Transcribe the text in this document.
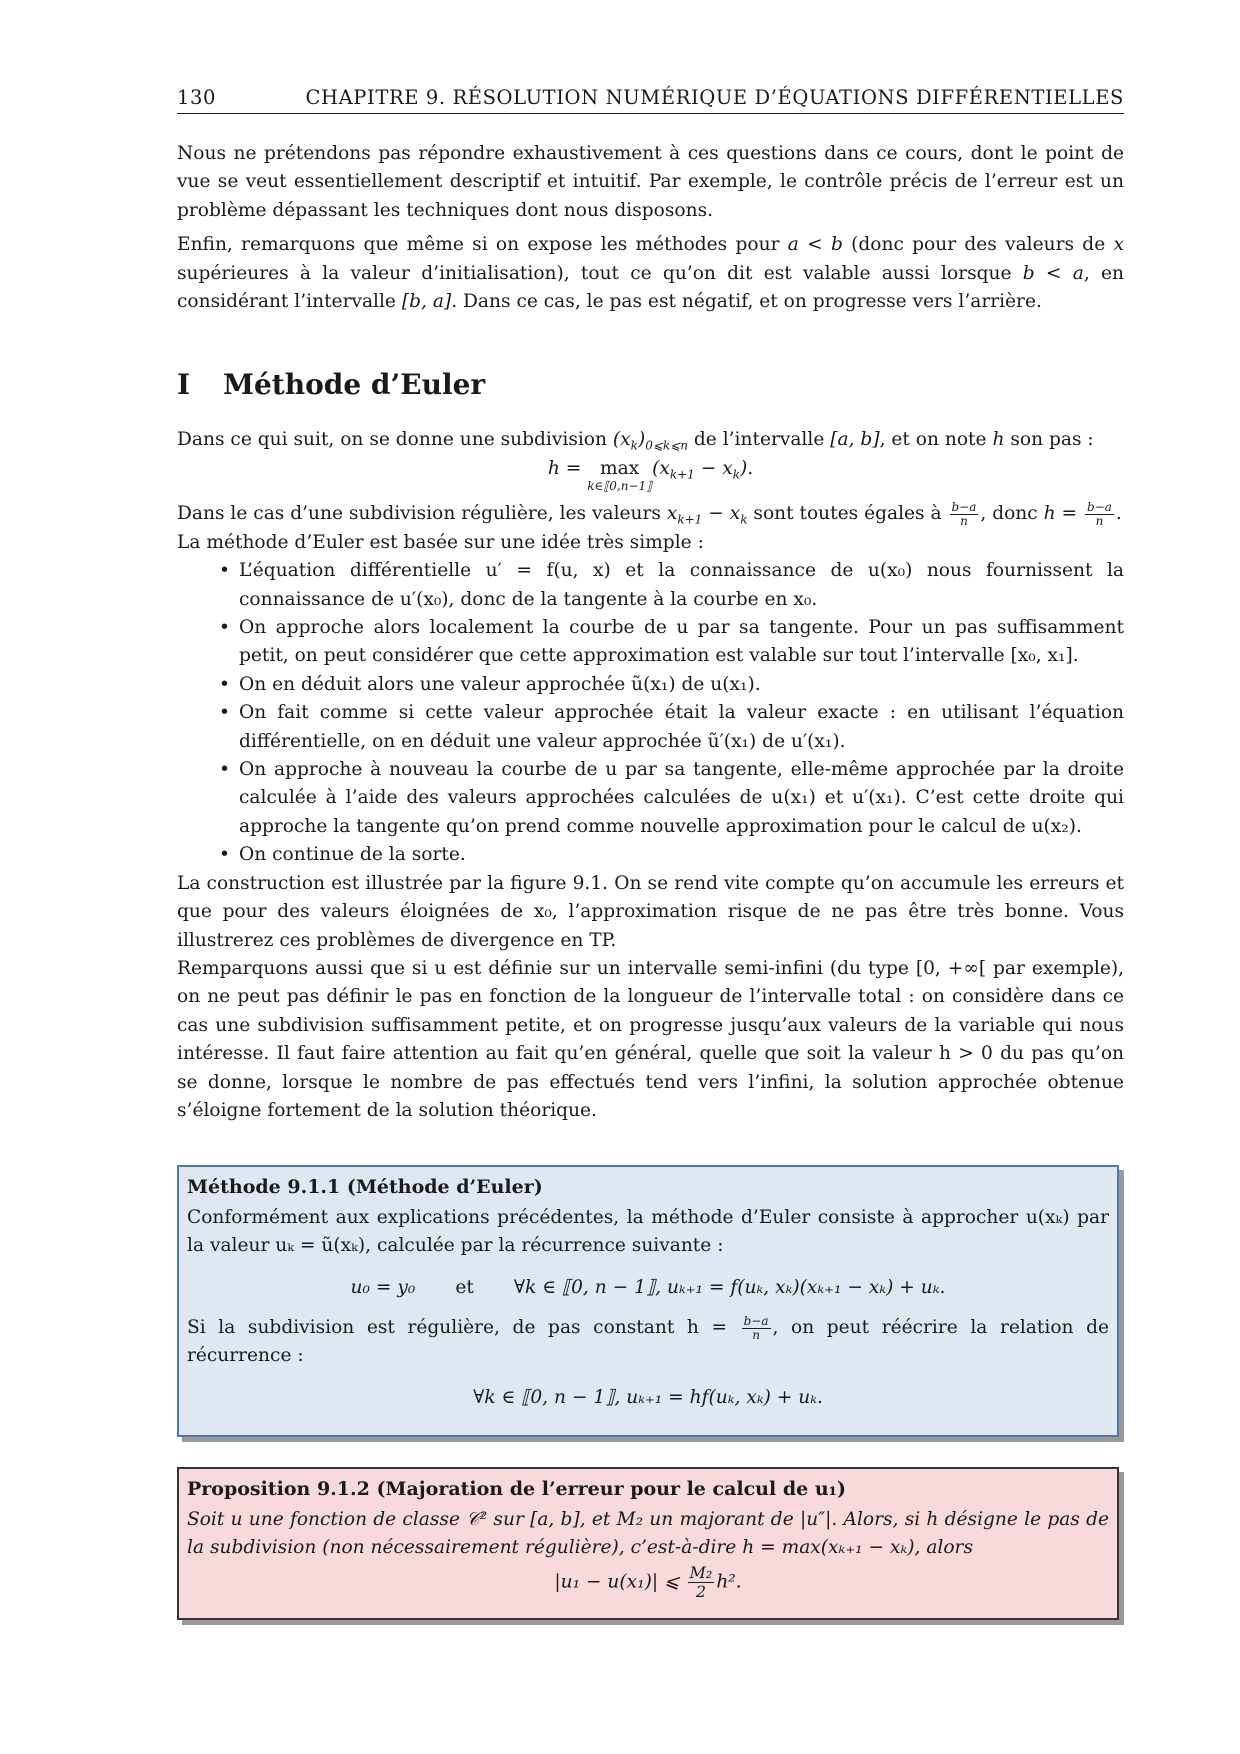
130	CHAPITRE 9. RÉSOLUTION NUMÉRIQUE D’ÉQUATIONS DIFFÉRENTIELLES

Nous ne prétendons pas répondre exhaustivement à ces questions dans ce cours, dont le point de vue se veut essentiellement descriptif et intuitif. Par exemple, le contrôle précis de l’erreur est un problème dépassant les techniques dont nous disposons.

Enfin, remarquons que même si on expose les méthodes pour a < b (donc pour des valeurs de x supérieures à la valeur d’initialisation), tout ce qu’on dit est valable aussi lorsque b < a, en considérant l’intervalle [b, a]. Dans ce cas, le pas est négatif, et on progresse vers l’arrière.

I	Méthode d’Euler

Dans ce qui suit, on se donne une subdivision $(x_k)_{0⩽k⩽n}$ de l’intervalle [a, b], et on note h son pas :

h = max
k∈⟦0,n−1⟧
$(x_{k+1} - x_k)$.

Dans le cas d’une subdivision régulière, les valeurs $x_{k+1} - x_k$ sont toutes égales à $\frac{b-a}{n}$ , donc $h = \frac{b-a}{n}$ .

La méthode d’Euler est basée sur une idée très simple :

• L’équation différentielle u′ = f(u, x) et la connaissance de u(x₀) nous fournissent la connaissance de u′(x₀), donc de la tangente à la courbe en x₀.
• On approche alors localement la courbe de u par sa tangente. Pour un pas suffisamment petit, on peut considérer que cette approximation est valable sur tout l’intervalle [x₀, x₁].
• On en déduit alors une valeur approchée ũ(x₁) de u(x₁).
• On fait comme si cette valeur approchée était la valeur exacte : en utilisant l’équation différentielle, on en déduit une valeur approchée ũ′(x₁) de u′(x₁).
• On approche à nouveau la courbe de u par sa tangente, elle-même approchée par la droite calculée à l’aide des valeurs approchées calculées de u(x₁) et u′(x₁). C’est cette droite qui approche la tangente qu’on prend comme nouvelle approximation pour le calcul de u(x₂).
• On continue de la sorte.

La construction est illustrée par la figure 9.1. On se rend vite compte qu’on accumule les erreurs et que pour des valeurs éloignées de x₀, l’approximation risque de ne pas être très bonne. Vous illustrerez ces problèmes de divergence en TP.

Remparquons aussi que si u est définie sur un intervalle semi-infini (du type [0, +∞[ par exemple), on ne peut pas définir le pas en fonction de la longueur de l’intervalle total : on considère dans ce cas une subdivision suffisamment petite, et on progresse jusqu’aux valeurs de la variable qui nous intéresse. Il faut faire attention au fait qu’en général, quelle que soit la valeur h > 0 du pas qu’on se donne, lorsque le nombre de pas effectués tend vers l’infini, la solution approchée obtenue s’éloigne fortement de la solution théorique.

Méthode 9.1.1 (Méthode d’Euler)
Conformément aux explications précédentes, la méthode d’Euler consiste à approcher u(xₖ) par la valeur uₖ = ũ(xₖ), calculée par la récurrence suivante :
u₀ = y₀ et ∀k ∈ ⟦0, n − 1⟧, uₖ₊₁ = f(uₖ, xₖ)(xₖ₊₁ − xₖ) + uₖ.
Si la subdivision est régulière, de pas constant $h = \frac{b-a}{n}$ , on peut réécrire la relation de récurrence :
∀k ∈ ⟦0, n − 1⟧, uₖ₊₁ = hf(uₖ, xₖ) + uₖ.
Proposition 9.1.2 (Majoration de l’erreur pour le calcul de u₁)
Soit u une fonction de classe 𝒞² sur [a, b], et M₂ un majorant de |u″|. Alors, si h désigne le pas de la subdivision (non nécessairement régulière), c’est-à-dire h = max(xₖ₊₁ − xₖ), alors
|u₁ − u(x₁)| ⩽ $\frac{\text{M₂}}{2} h^2$.
